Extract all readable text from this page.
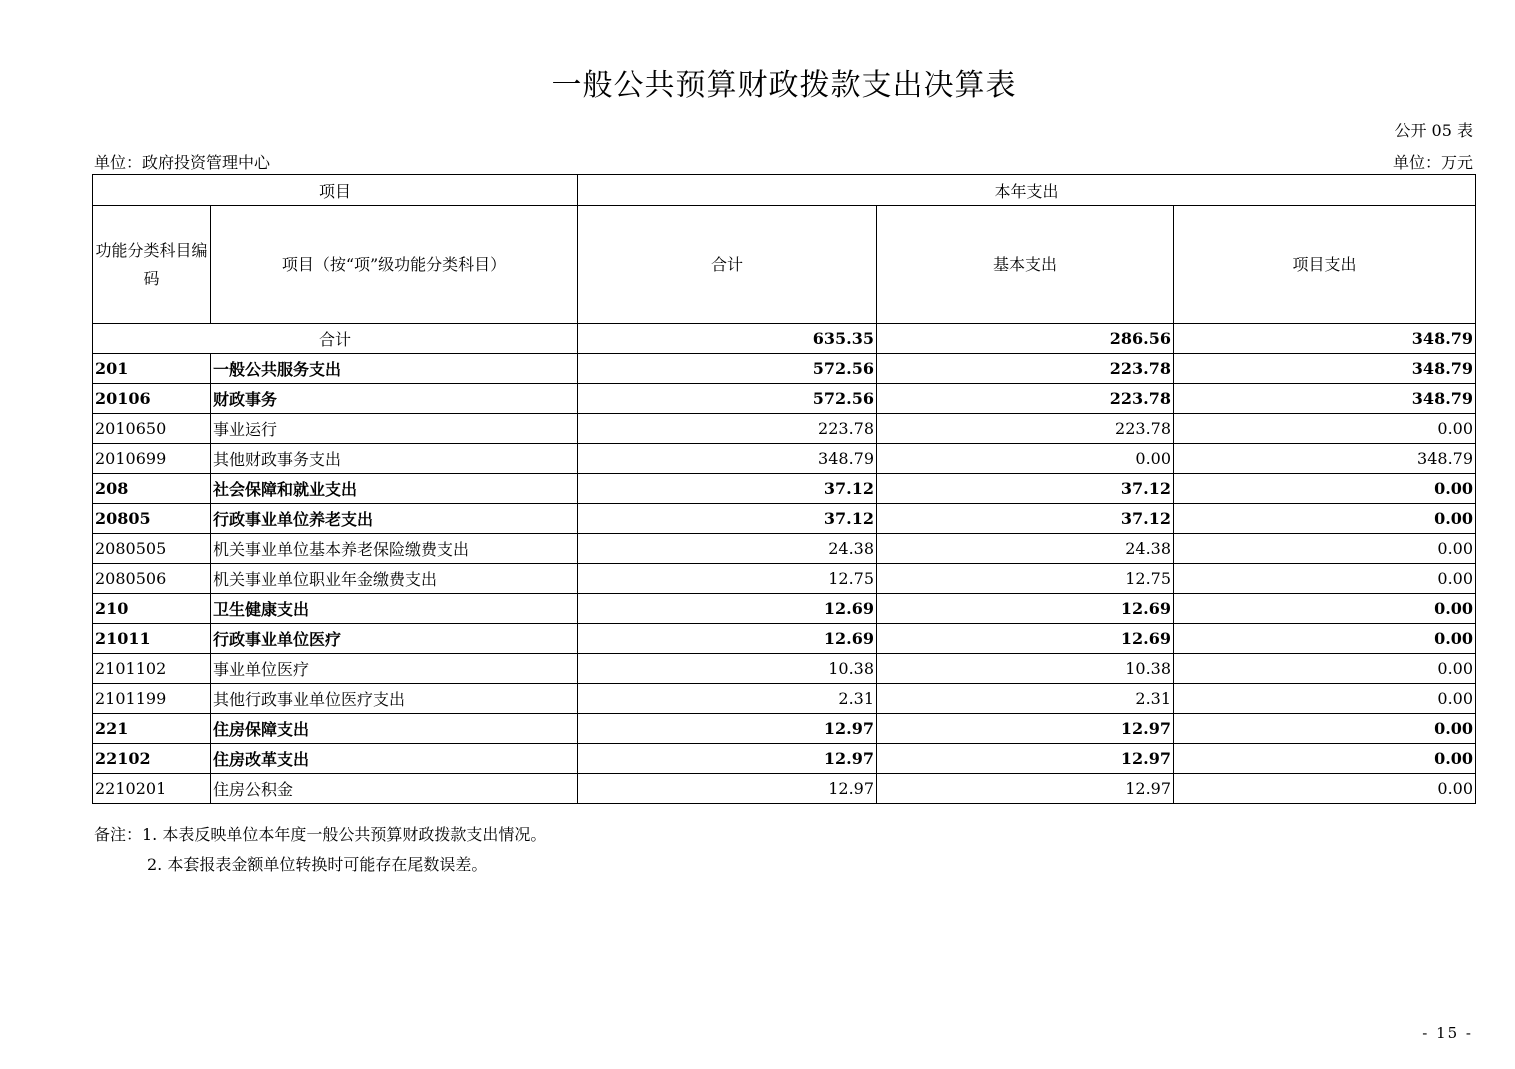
一般公共预算财政拨款支出决算表
公开 05 表
单位：政府投资管理中心	单位：万元
项目		本年支出		
功能分类科目编码	项目（按“项”级功能分类科目）	合计	基本支出	项目支出
合计		635.35	286.56	348.79
201	一般公共服务支出	572.56	223.78	348.79
20106	财政事务	572.56	223.78	348.79
2010650	事业运行	223.78	223.78	0.00
2010699	其他财政事务支出	348.79	0.00	348.79
208	社会保障和就业支出	37.12	37.12	0.00
20805	行政事业单位养老支出	37.12	37.12	0.00
2080505	机关事业单位基本养老保险缴费支出	24.38	24.38	0.00
2080506	机关事业单位职业年金缴费支出	12.75	12.75	0.00
210	卫生健康支出	12.69	12.69	0.00
21011	行政事业单位医疗	12.69	12.69	0.00
2101102	事业单位医疗	10.38	10.38	0.00
2101199	其他行政事业单位医疗支出	2.31	2.31	0.00
221	住房保障支出	12.97	12.97	0.00
22102	住房改革支出	12.97	12.97	0.00
2210201	住房公积金	12.97	12.97	0.00
备注：1. 本表反映单位本年度一般公共预算财政拨款支出情况。
2. 本套报表金额单位转换时可能存在尾数误差。
- 15 -
